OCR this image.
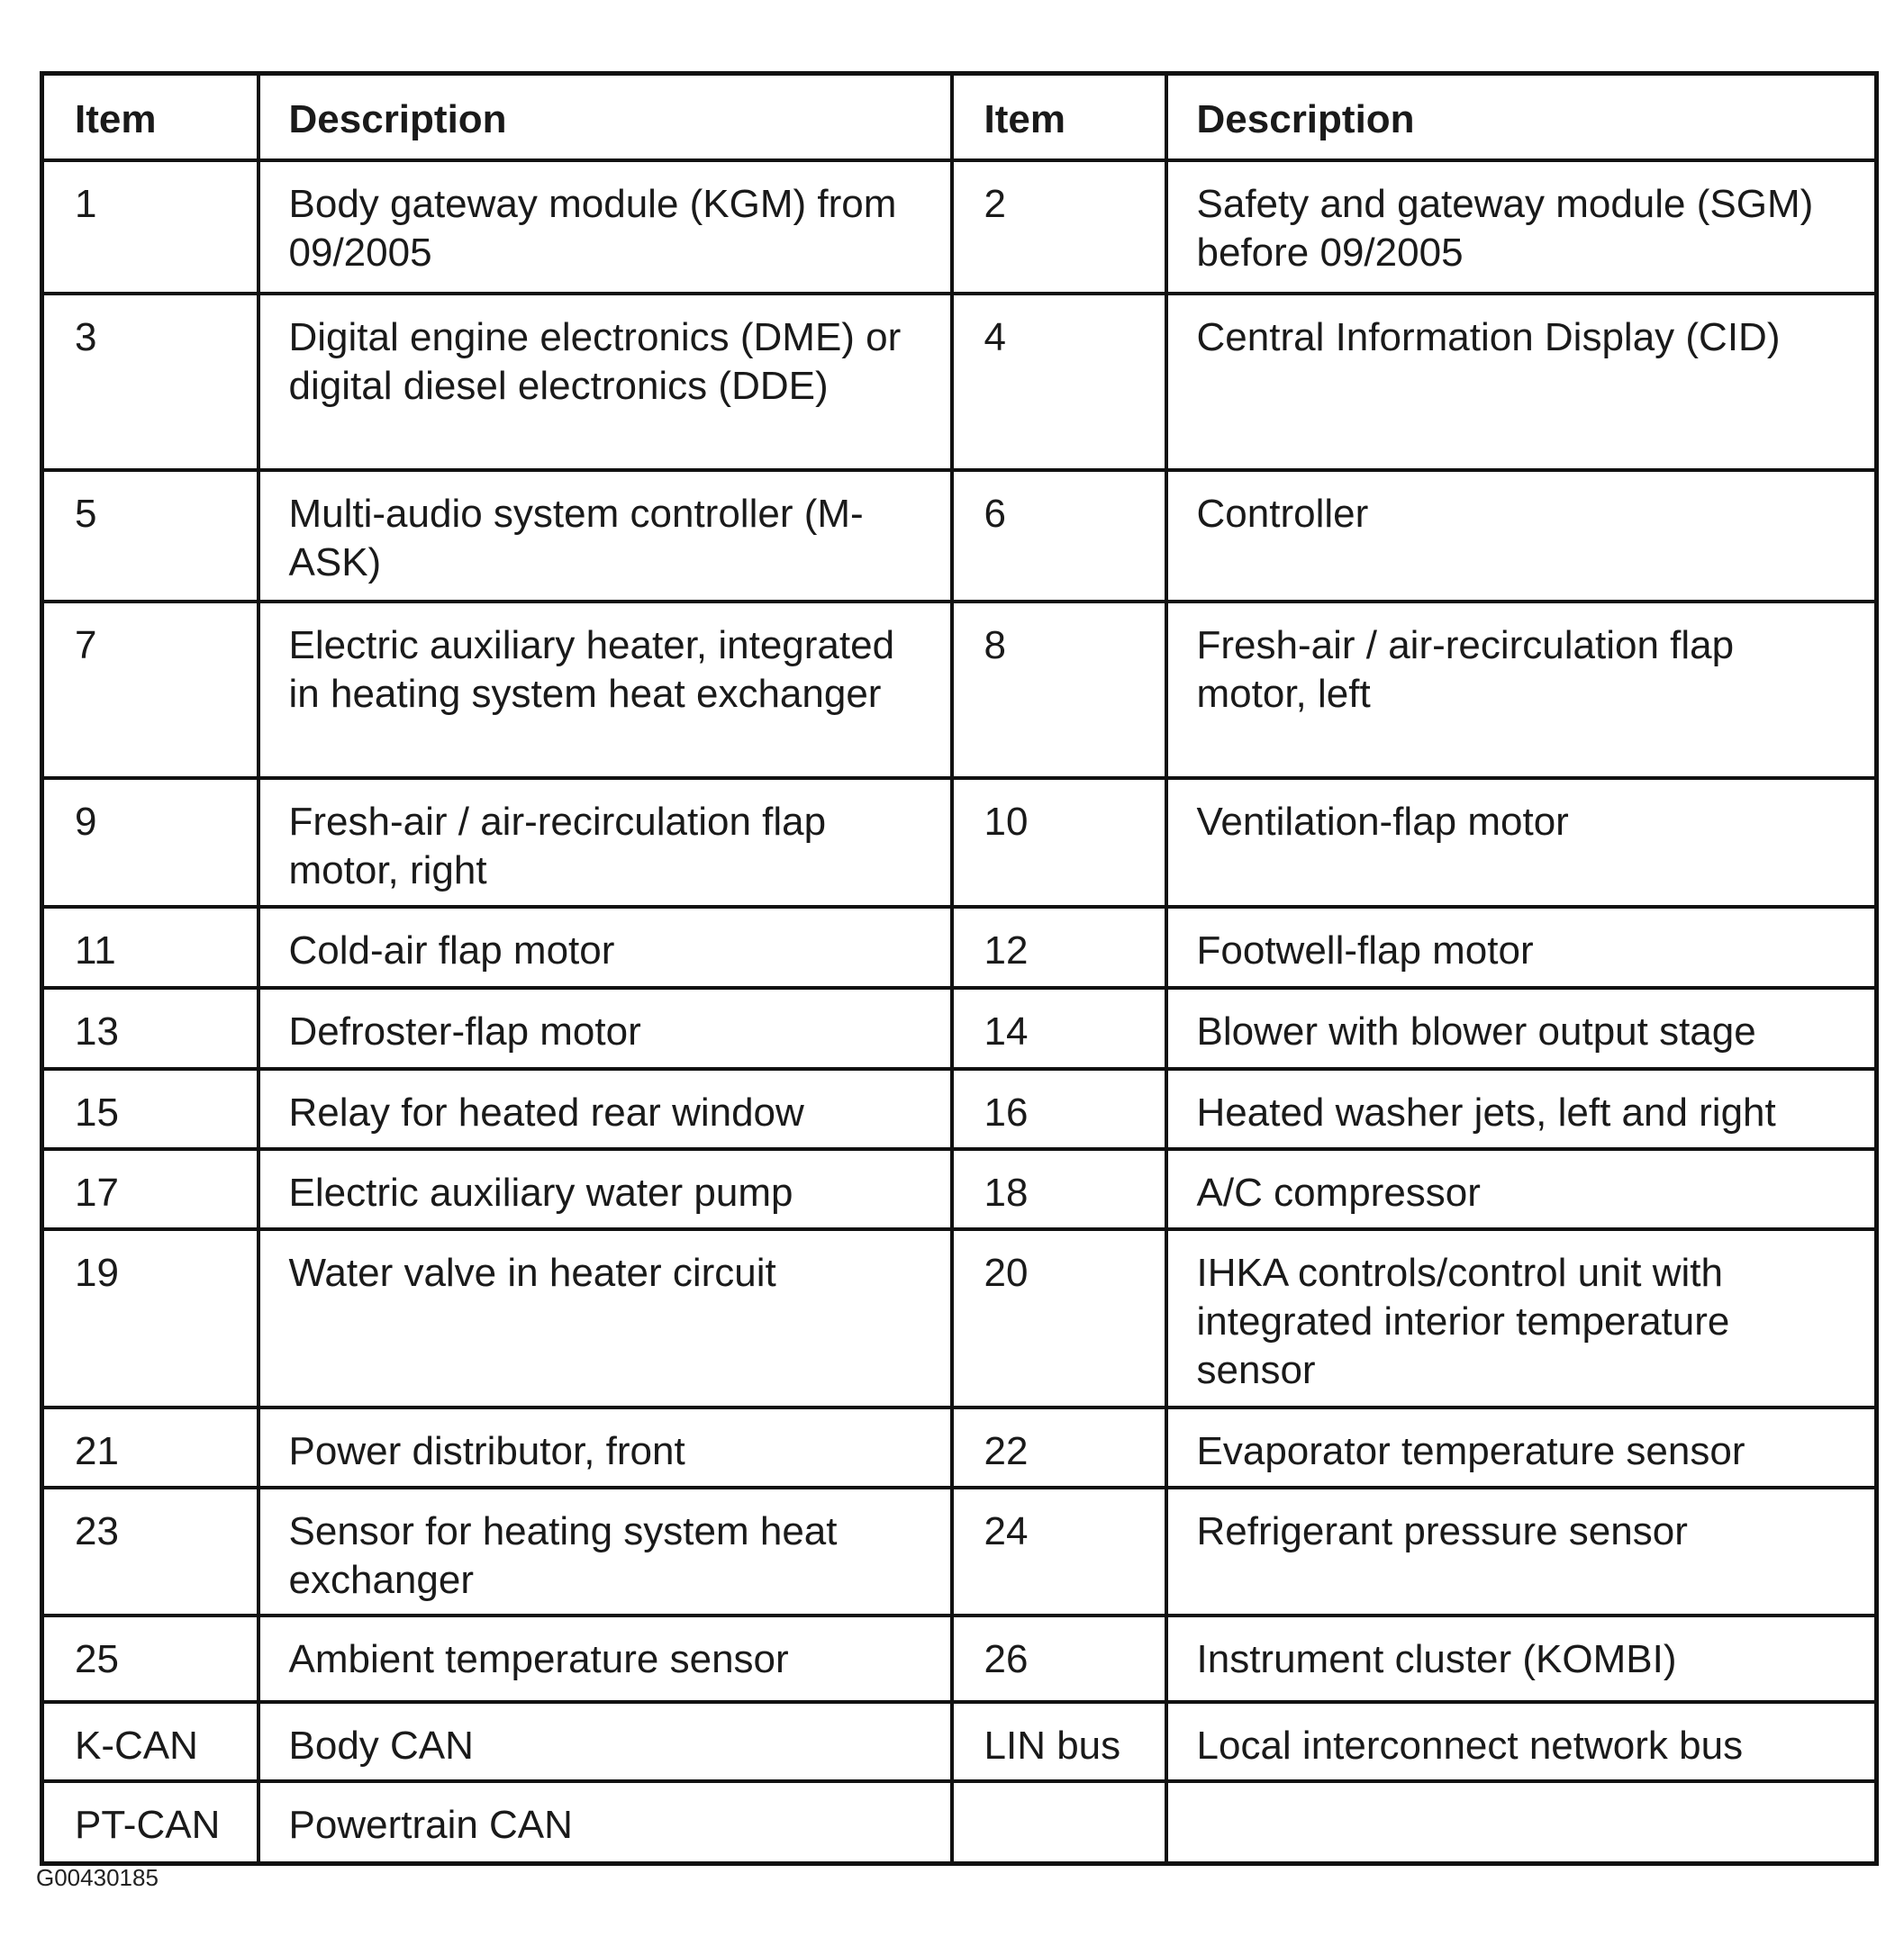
Item	Description	Item	Description
1	Body gateway module (KGM) from 09/2005	2	Safety and gateway module (SGM) before 09/2005
3	Digital engine electronics (DME) or digital diesel electronics (DDE)	4	Central Information Display (CID)
5	Multi-audio system controller (M-ASK)	6	Controller
7	Electric auxiliary heater, integrated in heating system heat exchanger	8	Fresh-air / air-recirculation flap motor, left
9	Fresh-air / air-recirculation flap motor, right	10	Ventilation-flap motor
11	Cold-air flap motor	12	Footwell-flap motor
13	Defroster-flap motor	14	Blower with blower output stage
15	Relay for heated rear window	16	Heated washer jets, left and right
17	Electric auxiliary water pump	18	A/C compressor
19	Water valve in heater circuit	20	IHKA controls/control unit with integrated interior temperature sensor
21	Power distributor, front	22	Evaporator temperature sensor
23	Sensor for heating system heat exchanger	24	Refrigerant pressure sensor
25	Ambient temperature sensor	26	Instrument cluster (KOMBI)
K-CAN	Body CAN	LIN bus	Local interconnect network bus
PT-CAN	Powertrain CAN		
G00430185
